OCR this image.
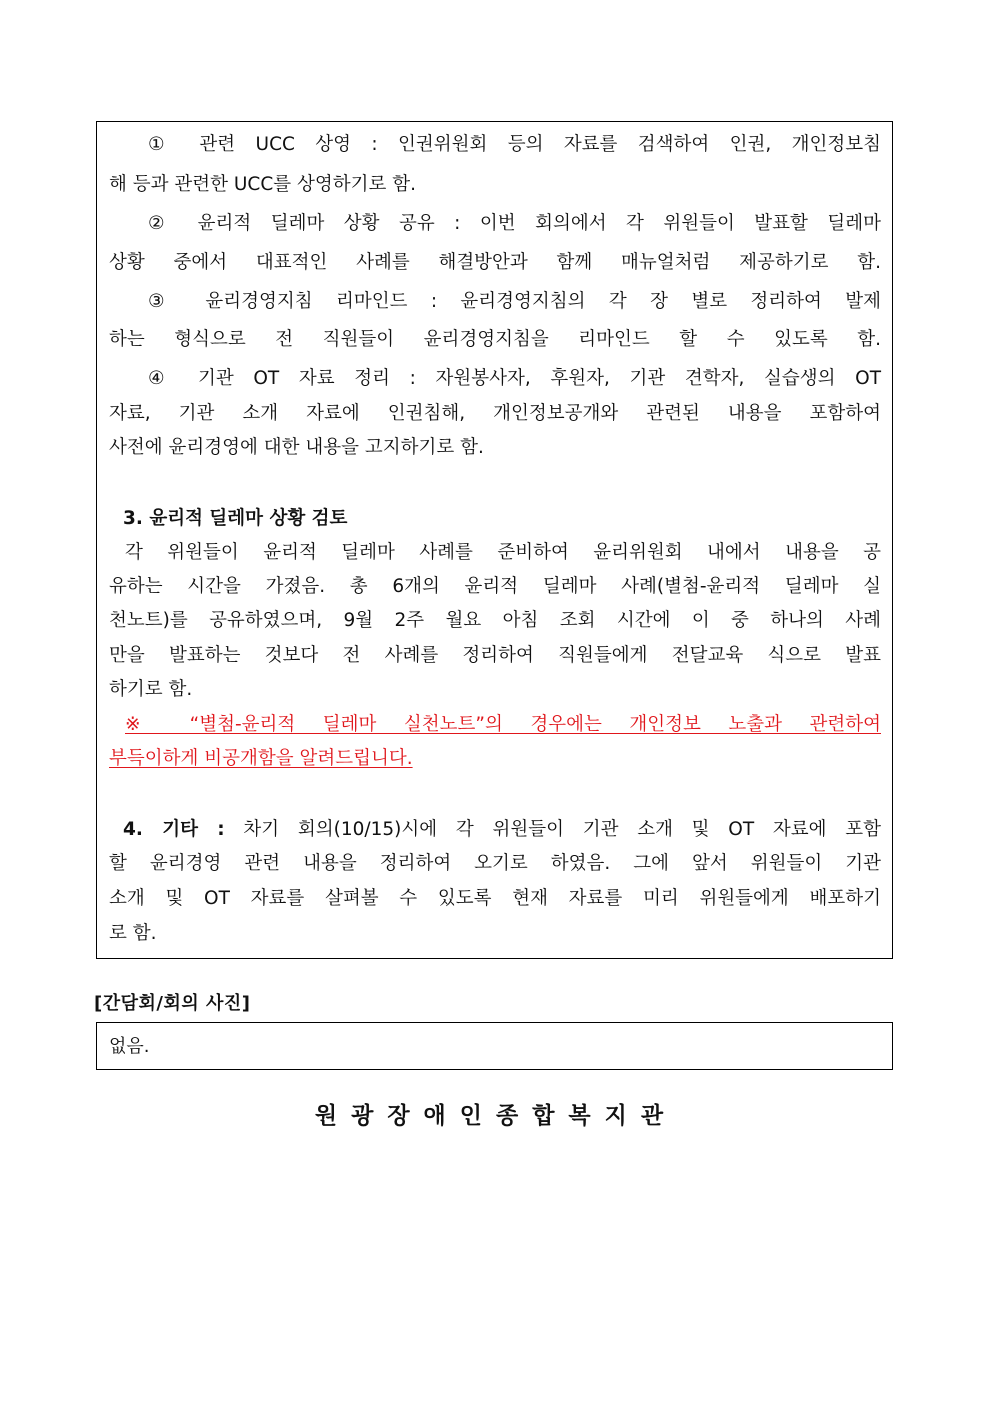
① 관련 UCC 상영 : 인권위원회 등의 자료를 검색하여 인권, 개인정보침
해 등과 관련한 UCC를 상영하기로 함.
② 윤리적 딜레마 상황 공유 : 이번 회의에서 각 위원들이 발표할 딜레마
상황 중에서 대표적인 사례를 해결방안과 함께 매뉴얼처럼 제공하기로 함.
③ 윤리경영지침 리마인드 : 윤리경영지침의 각 장 별로 정리하여 발제
하는 형식으로 전 직원들이 윤리경영지침을 리마인드 할 수 있도록 함.
④ 기관 OT 자료 정리 : 자원봉사자, 후원자, 기관 견학자, 실습생의 OT
자료, 기관 소개 자료에 인권침해, 개인정보공개와 관련된 내용을 포함하여
사전에 윤리경영에 대한 내용을 고지하기로 함.
3. 윤리적 딜레마 상황 검토
각 위원들이 윤리적 딜레마 사례를 준비하여 윤리위원회 내에서 내용을 공
유하는 시간을 가졌음. 총 6개의 윤리적 딜레마 사례(별첨-윤리적 딜레마 실
천노트)를 공유하였으며, 9월 2주 월요 아침 조회 시간에 이 중 하나의 사례
만을 발표하는 것보다 전 사례를 정리하여 직원들에게 전달교육 식으로 발표
하기로 함.
※ “별첨-윤리적 딜레마 실천노트”의 경우에는 개인정보 노출과 관련하여
부득이하게 비공개함을 알려드립니다.
4. 기타 : 차기 회의(10/15)시에 각 위원들이 기관 소개 및 OT 자료에 포함
할 윤리경영 관련 내용을 정리하여 오기로 하였음. 그에 앞서 위원들이 기관
소개 및 OT 자료를 살펴볼 수 있도록 현재 자료를 미리 위원들에게 배포하기
로 함.
[간담회/회의 사진]
없음.
원광장애인종합복지관
